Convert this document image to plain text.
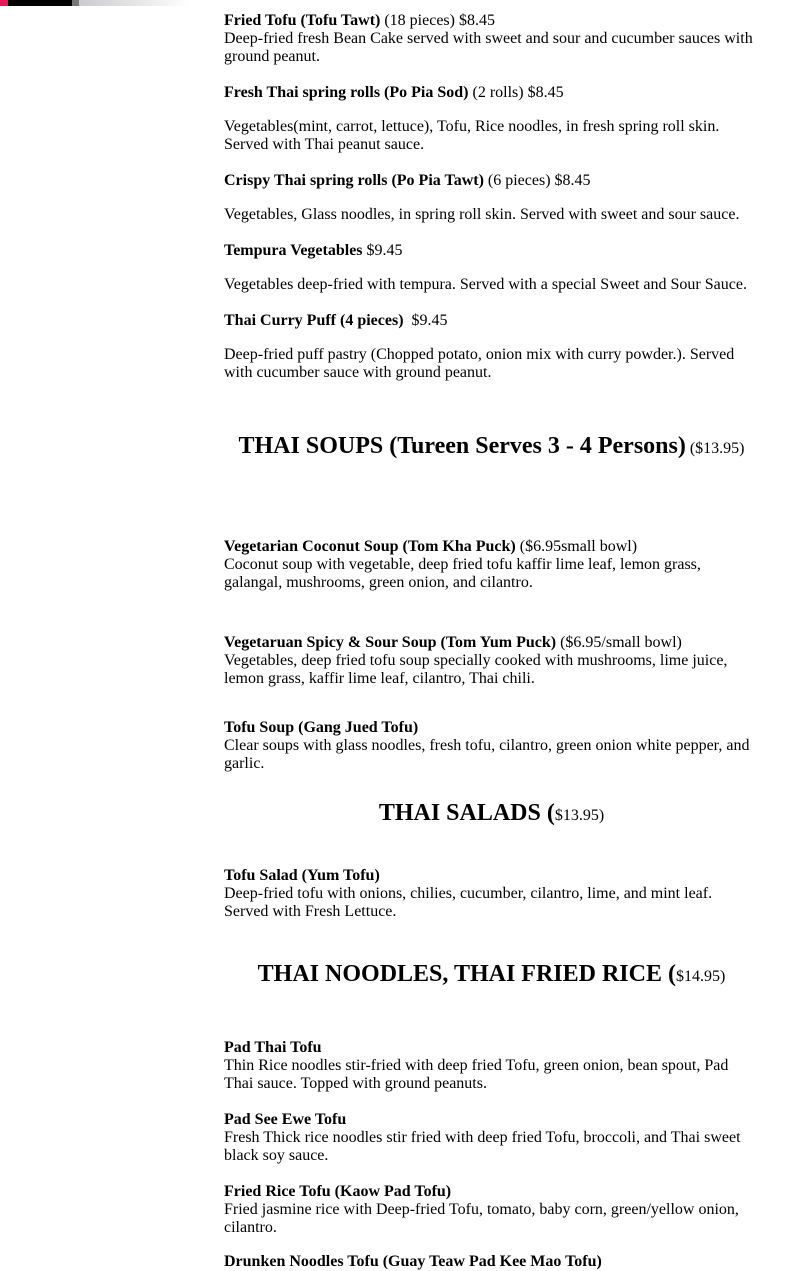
Fried Tofu (Tofu Tawt) (18 pieces) $8.45
Deep-fried fresh Bean Cake served with sweet and sour and cucumber sauces with ground peanut.
Fresh Thai spring rolls (Po Pia Sod) (2 rolls) $8.45
Vegetables(mint, carrot, lettuce), Tofu, Rice noodles, in fresh spring roll skin. Served with Thai peanut sauce.
Crispy Thai spring rolls (Po Pia Tawt) (6 pieces) $8.45
Vegetables, Glass noodles, in spring roll skin. Served with sweet and sour sauce.
Tempura Vegetables $9.45
Vegetables deep-fried with tempura. Served with a special Sweet and Sour Sauce.
Thai Curry Puff (4 pieces)  $9.45
Deep-fried puff pastry (Chopped potato, onion mix with curry powder.). Served with cucumber sauce with ground peanut.
THAI SOUPS (Tureen Serves 3 - 4 Persons) ($13.95)
Vegetarian Coconut Soup (Tom Kha Puck) ($6.95small bowl)
Coconut soup with vegetable, deep fried tofu kaffir lime leaf, lemon grass, galangal, mushrooms, green onion, and cilantro.
Vegetaruan Spicy & Sour Soup (Tom Yum Puck) ($6.95/small bowl)
Vegetables, deep fried tofu soup specially cooked with mushrooms, lime juice, lemon grass, kaffir lime leaf, cilantro, Thai chili.
Tofu Soup (Gang Jued Tofu)
Clear soups with glass noodles, fresh tofu, cilantro, green onion white pepper, and garlic.
THAI SALADS ($13.95)
Tofu Salad (Yum Tofu)
Deep-fried tofu with onions, chilies, cucumber, cilantro, lime, and mint leaf. Served with Fresh Lettuce.
THAI NOODLES, THAI FRIED RICE ($14.95)
Pad Thai Tofu
Thin Rice noodles stir-fried with deep fried Tofu, green onion, bean spout, Pad Thai sauce. Topped with ground peanuts.
Pad See Ewe Tofu
Fresh Thick rice noodles stir fried with deep fried Tofu, broccoli, and Thai sweet black soy sauce.
Fried Rice Tofu (Kaow Pad Tofu)
Fried jasmine rice with Deep-fried Tofu, tomato, baby corn, green/yellow onion, cilantro.
Drunken Noodles Tofu (Guay Teaw Pad Kee Mao Tofu)
